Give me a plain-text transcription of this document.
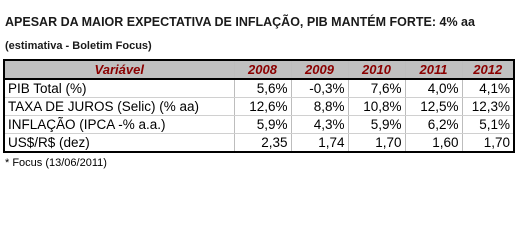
APESAR DA MAIOR EXPECTATIVA DE INFLAÇÃO, PIB MANTÉM FORTE: 4% aa
(estimativa - Boletim Focus)
Variável	2008	2009	2010	2011	2012
PIB Total (%)	5,6%	-0,3%	7,6%	4,0%	4,1%
TAXA DE JUROS (Selic) (% aa)	12,6%	8,8%	10,8%	12,5%	12,3%
INFLAÇÃO (IPCA -% a.a.)	5,9%	4,3%	5,9%	6,2%	5,1%
US$/R$ (dez)	2,35	1,74	1,70	1,60	1,70
* Focus (13/06/2011)
